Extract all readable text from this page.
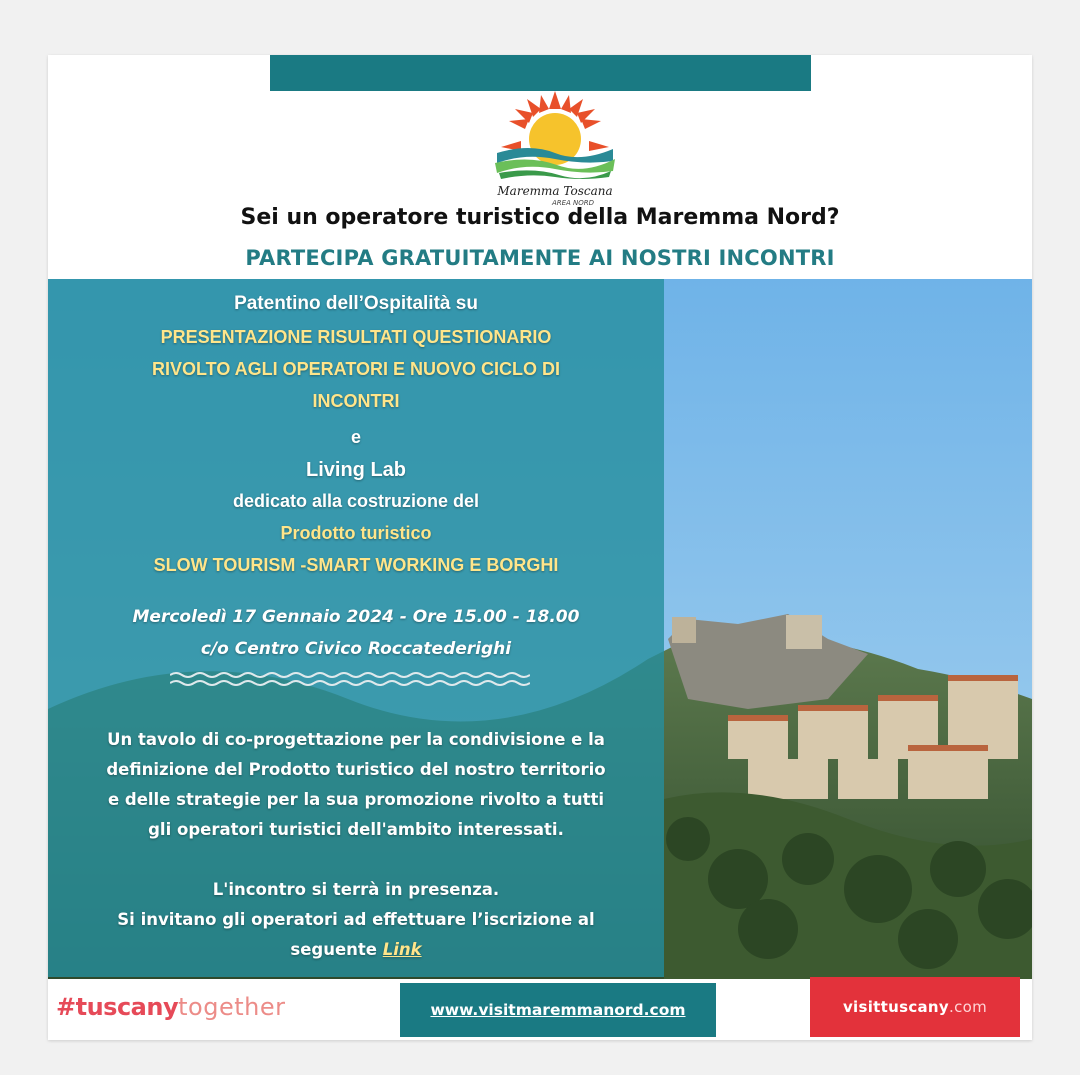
Maremma Toscana
AREA NORD
Sei un operatore turistico della Maremma Nord?
PARTECIPA GRATUITAMENTE AI NOSTRI INCONTRI

Patentino dell’Ospitalità su

PRESENTAZIONE RISULTATI QUESTIONARIO

RIVOLTO AGLI OPERATORI E NUOVO CICLO DI

INCONTRI

e

Living Lab

dedicato alla costruzione del

Prodotto turistico

SLOW TOURISM -SMART WORKING E BORGHI

Mercoledì 17 Gennaio 2024 - Ore 15.00 - 18.00

c/o Centro Civico Roccatederighi

Un tavolo di co-progettazione per la condivisione e la

definizione del Prodotto turistico del nostro territorio

e delle strategie per la sua promozione rivolto a tutti

gli operatori turistici dell'ambito interessati.

L'incontro si terrà in presenza.

Si invitano gli operatori ad effettuare l’iscrizione al

seguente Link

#tuscanytogether	www.visitmaremmanord.com	visittuscany .com
